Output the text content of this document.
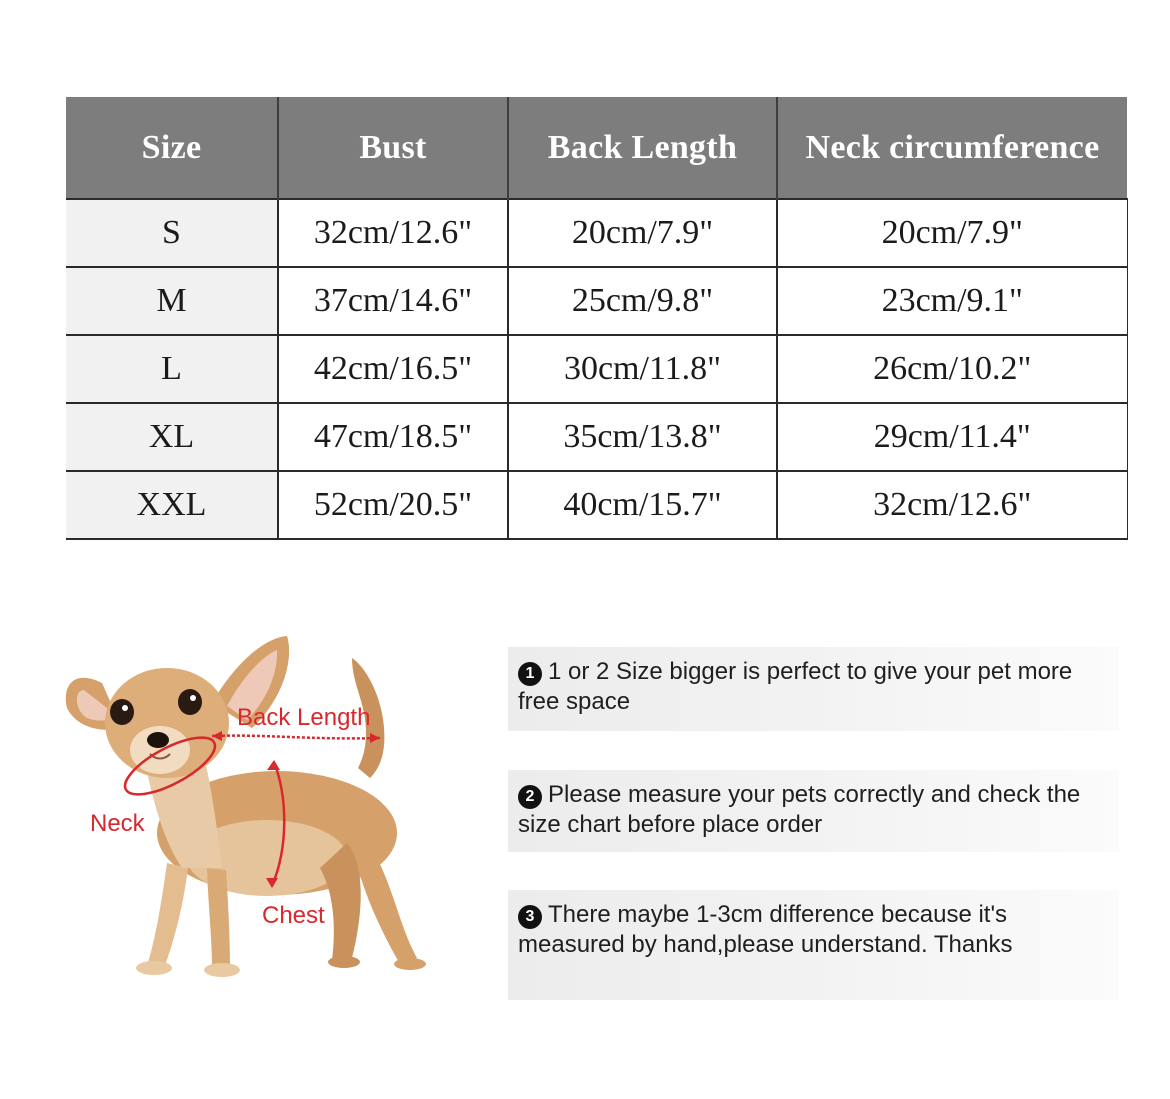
Size	Bust	Back Length	Neck circumference
S	32cm/12.6"	20cm/7.9"	20cm/7.9"
M	37cm/14.6"	25cm/9.8"	23cm/9.1"
L	42cm/16.5"	30cm/11.8"	26cm/10.2"
XL	47cm/18.5"	35cm/13.8"	29cm/11.4"
XXL	52cm/20.5"	40cm/15.7"	32cm/12.6"
Back Length
Neck
Chest
1 1 or 2 Size bigger is perfect to give your pet more free space
2 Please measure your pets correctly and check the size chart before place order
3 There maybe 1-3cm difference because it's measured by hand,please understand. Thanks
